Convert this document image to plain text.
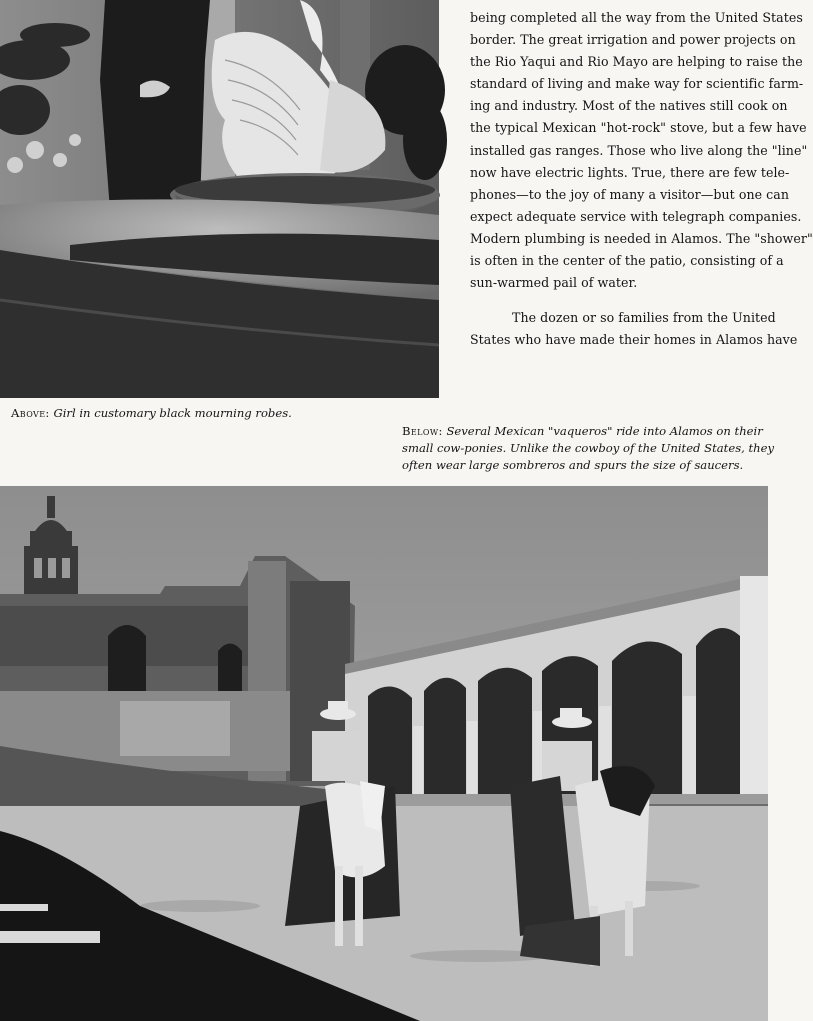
being completed all the way from the United States
border. The great irrigation and power projects on
the Rio Yaqui and Rio Mayo are helping to raise the
standard of living and make way for scientific farm-
ing and industry. Most of the natives still cook on
the typical Mexican "hot-rock" stove, but a few have
installed gas ranges. Those who live along the "line"
now have electric lights. True, there are few tele-
phones—to the joy of many a visitor—but one can
expect adequate service with telegraph companies.
Modern plumbing is needed in Alamos. The "shower"
is often in the center of the patio, consisting of a
sun-warmed pail of water.
The dozen or so families from the United
States who have made their homes in Alamos have
Above: Girl in customary black mourning robes.
Below: Several Mexican "vaqueros" ride into Alamos on their
small cow-ponies. Unlike the cowboy of the United States, they
often wear large sombreros and spurs the size of saucers.
